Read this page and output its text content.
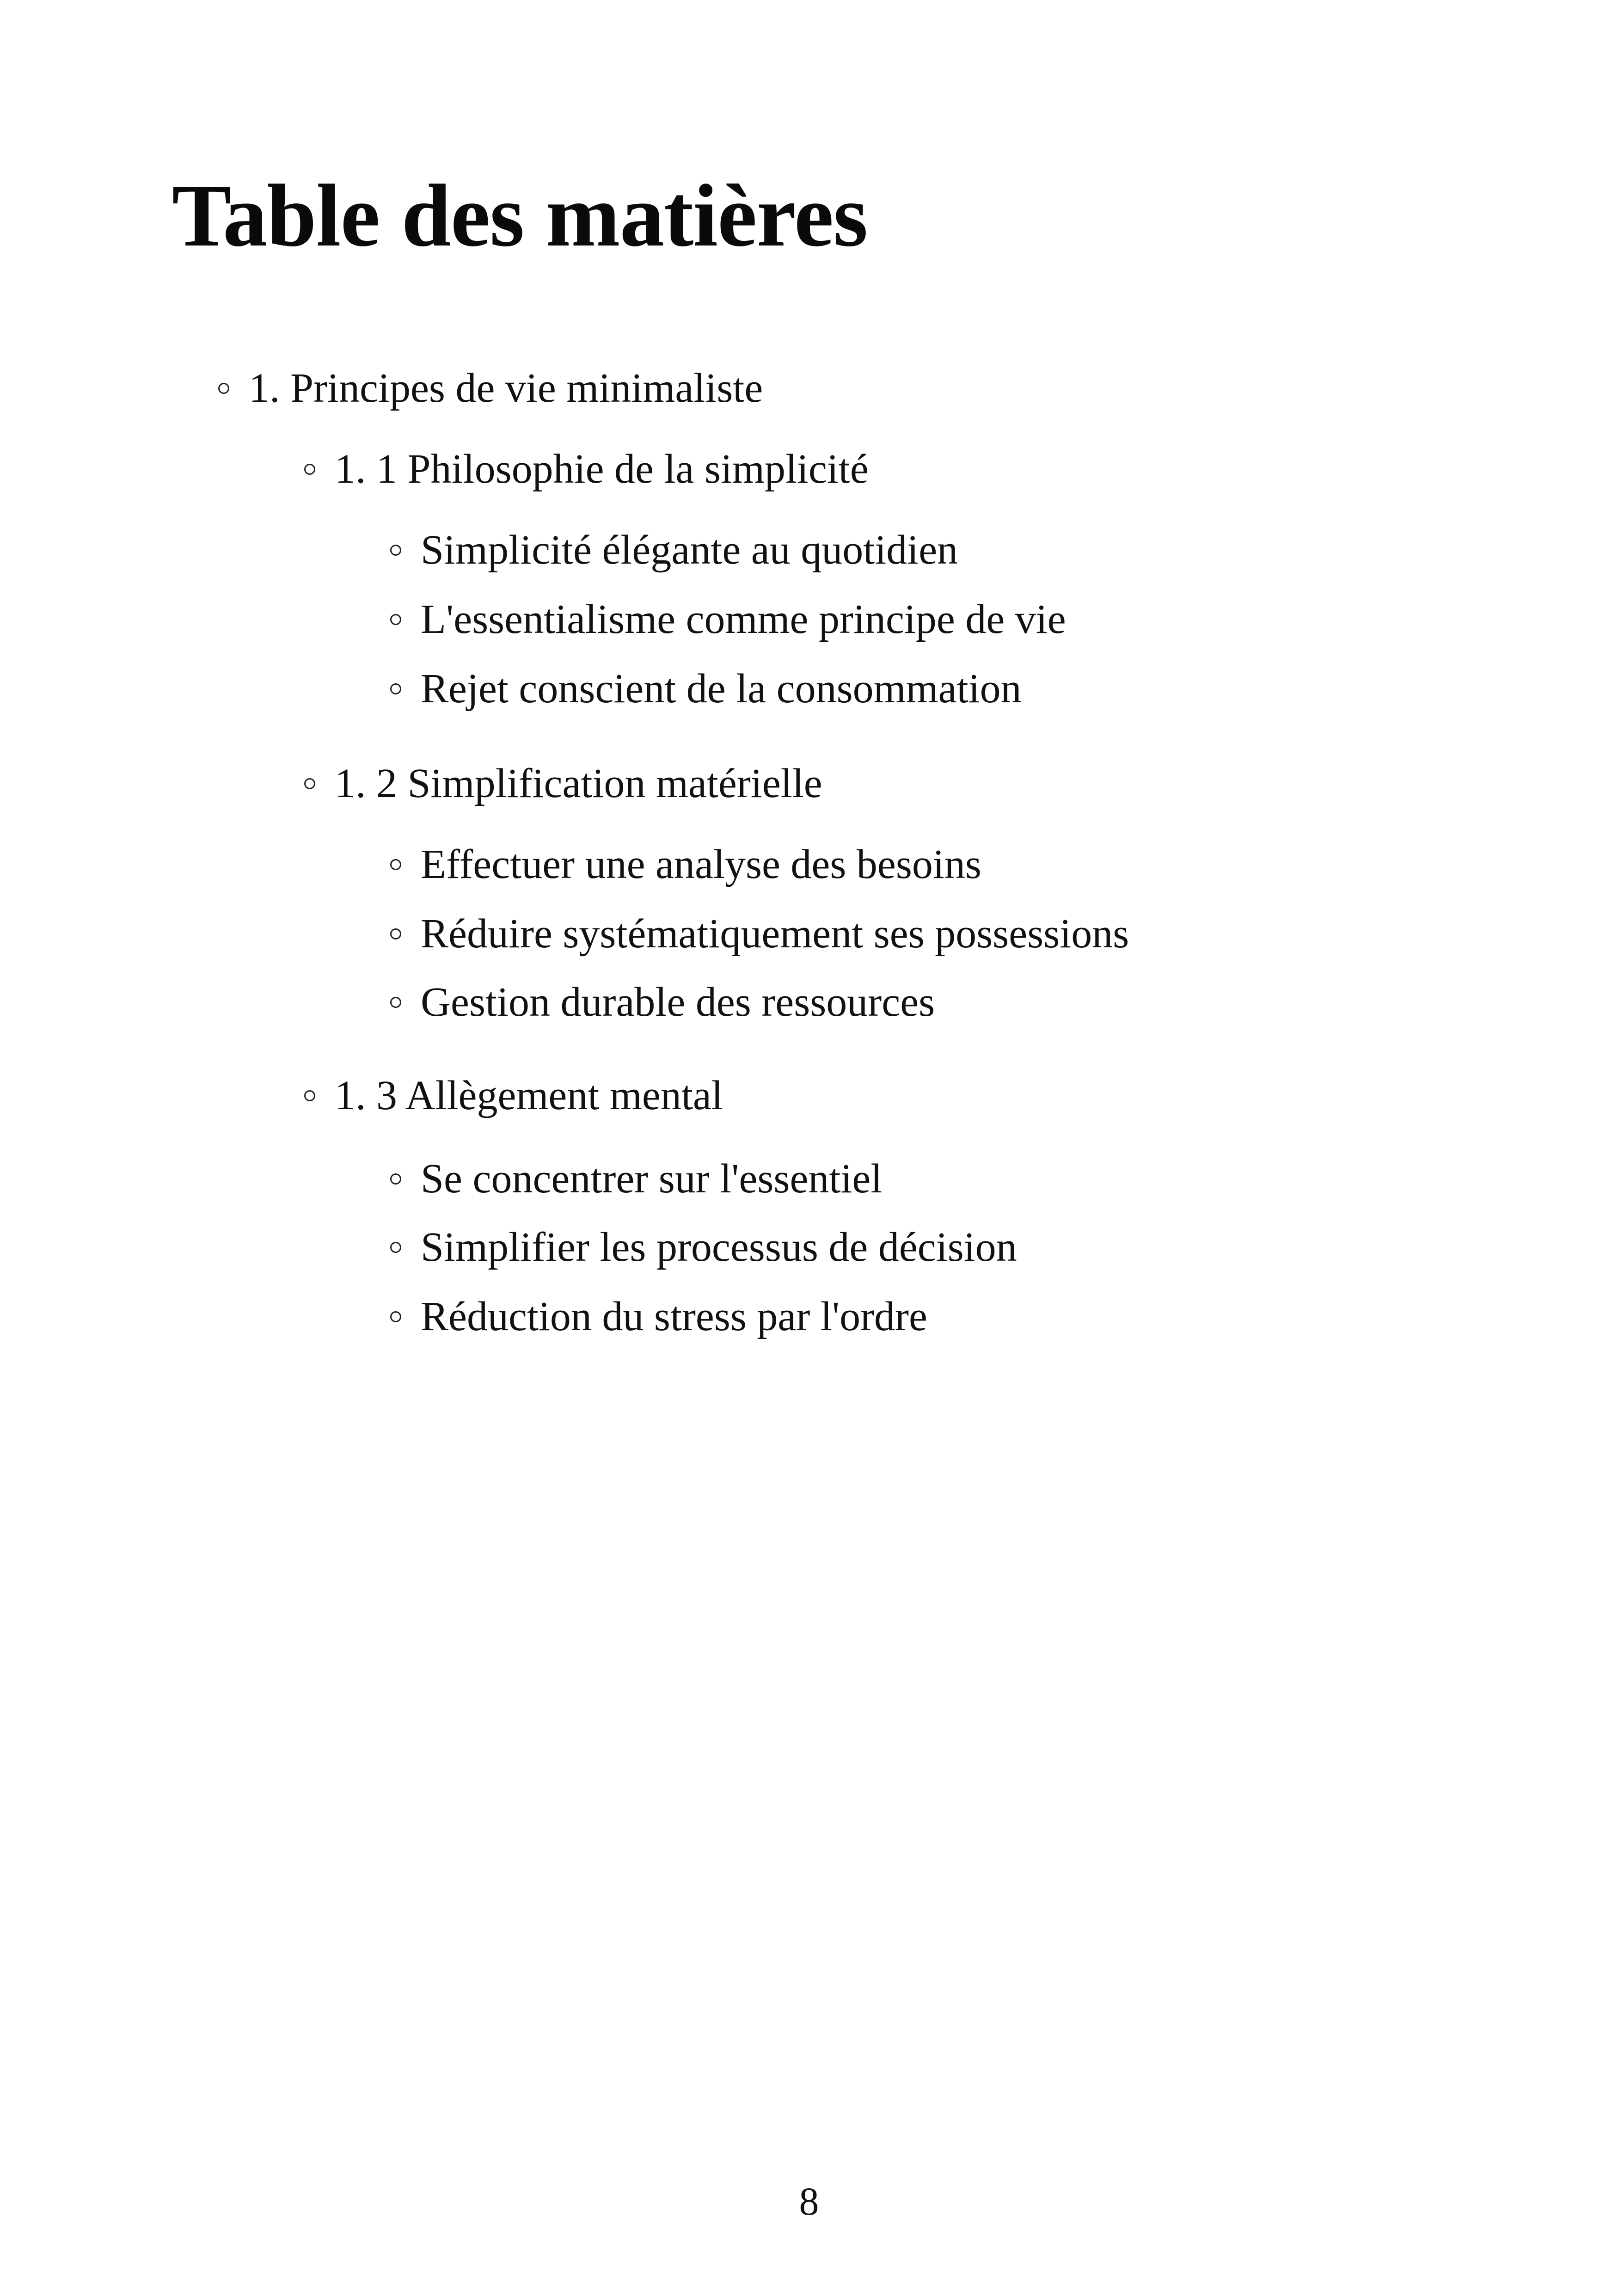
Table des matières
1. Principes de vie minimaliste
1. 1 Philosophie de la simplicité
Simplicité élégante au quotidien
L'essentialisme comme principe de vie
Rejet conscient de la consommation
1. 2 Simplification matérielle
Effectuer une analyse des besoins
Réduire systématiquement ses possessions
Gestion durable des ressources
1. 3 Allègement mental
Se concentrer sur l'essentiel
Simplifier les processus de décision
Réduction du stress par l'ordre
8
